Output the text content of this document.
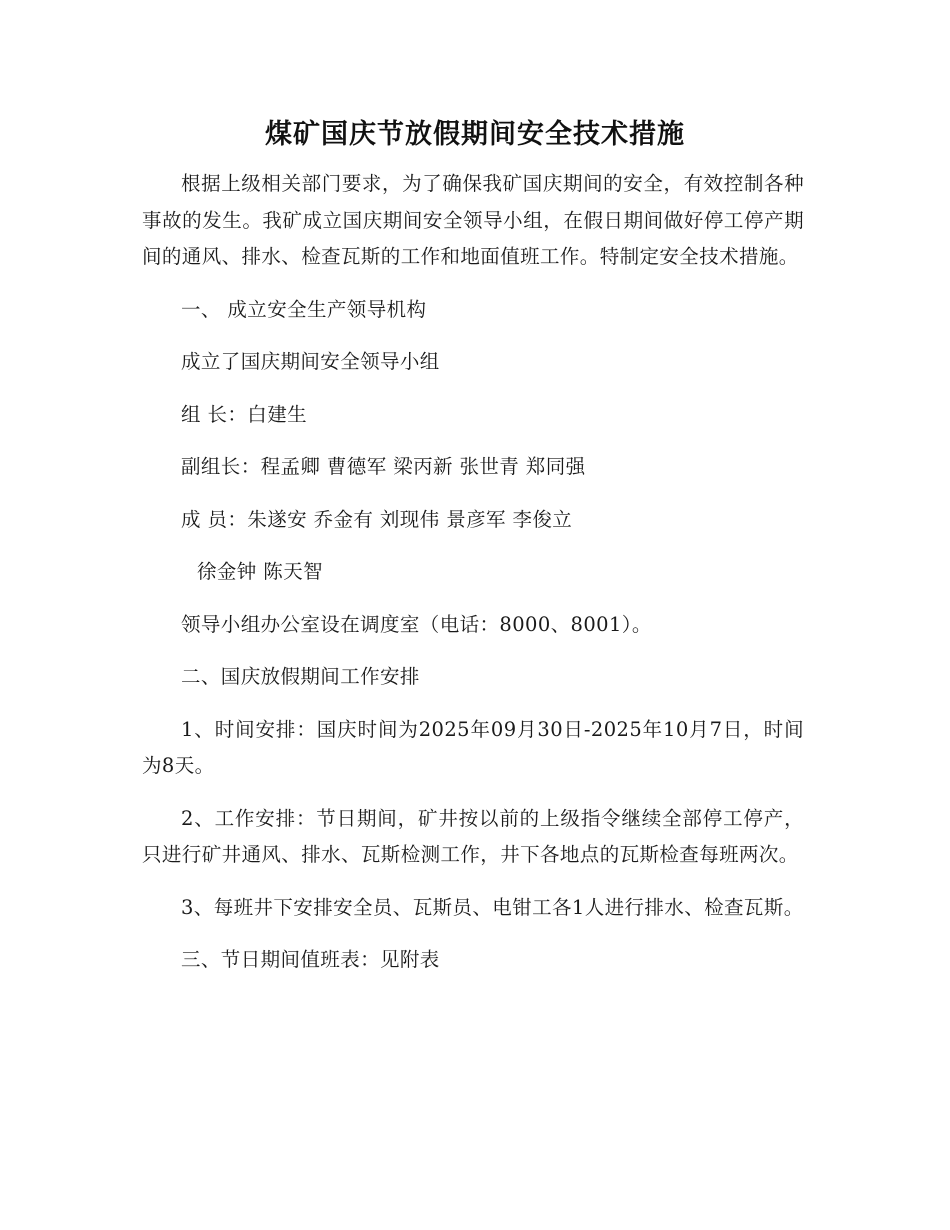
煤矿国庆节放假期间安全技术措施

根据上级相关部门要求，为了确保我矿国庆期间的安全，有效控制各种事故的发生。我矿成立国庆期间安全领导小组，在假日期间做好停工停产期间的通风、排水、检查瓦斯的工作和地面值班工作。特制定安全技术措施。

一、 成立安全生产领导机构

成立了国庆期间安全领导小组

组 长：白建生

副组长：程孟卿 曹德军 梁丙新 张世青 郑同强

成 员：朱遂安 乔金有 刘现伟 景彦军 李俊立

徐金钟 陈天智

领导小组办公室设在调度室（电话：8000、8001）。

二、国庆放假期间工作安排

1、时间安排：国庆时间为2025年09月30日-2025年10月7日，时间为8天。

2、工作安排：节日期间，矿井按以前的上级指令继续全部停工停产，只进行矿井通风、排水、瓦斯检测工作，井下各地点的瓦斯检查每班两次。

3、每班井下安排安全员、瓦斯员、电钳工各1人进行排水、检查瓦斯。

三、节日期间值班表：见附表
